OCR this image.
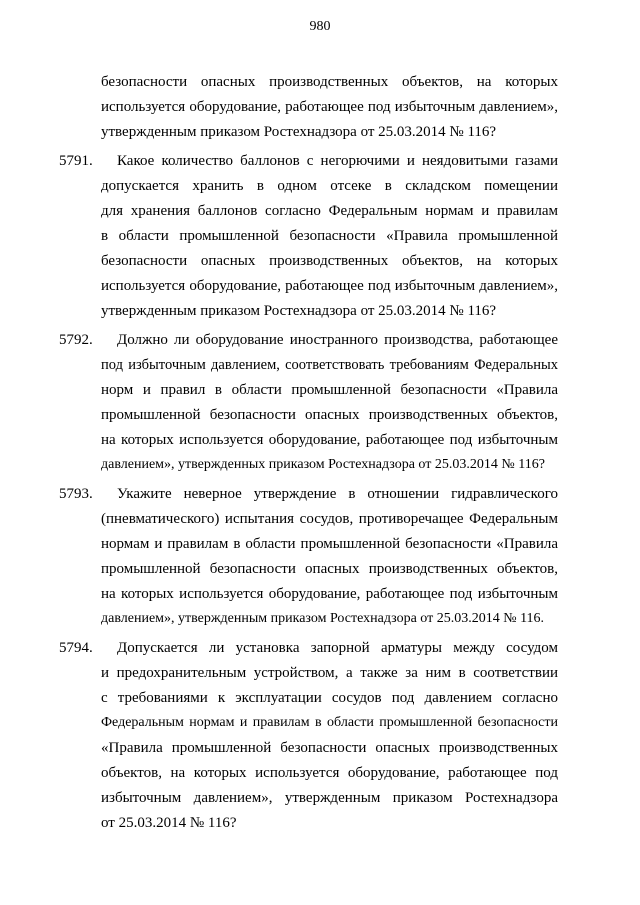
980
безопасности опасных производственных объектов, на которых
используется оборудование, работающее под избыточным давлением»,
утвержденным приказом Ростехнадзора от 25.03.2014 № 116?
5791. Какое количество баллонов с негорючими и неядовитыми газами
допускается хранить в одном отсеке в складском помещении
для хранения баллонов согласно Федеральным нормам и правилам
в области промышленной безопасности «Правила промышленной
безопасности опасных производственных объектов, на которых
используется оборудование, работающее под избыточным давлением»,
утвержденным приказом Ростехнадзора от 25.03.2014 № 116?
5792. Должно ли оборудование иностранного производства, работающее
под избыточным давлением, соответствовать требованиям Федеральных
норм и правил в области промышленной безопасности «Правила
промышленной безопасности опасных производственных объектов,
на которых используется оборудование, работающее под избыточным
давлением», утвержденных приказом Ростехнадзора от 25.03.2014 № 116?
5793. Укажите неверное утверждение в отношении гидравлического
(пневматического) испытания сосудов, противоречащее Федеральным
нормам и правилам в области промышленной безопасности «Правила
промышленной безопасности опасных производственных объектов,
на которых используется оборудование, работающее под избыточным
давлением», утвержденным приказом Ростехнадзора от 25.03.2014 № 116.
5794. Допускается ли установка запорной арматуры между сосудом
и предохранительным устройством, а также за ним в соответствии
с требованиями к эксплуатации сосудов под давлением согласно
Федеральным нормам и правилам в области промышленной безопасности
«Правила промышленной безопасности опасных производственных
объектов, на которых используется оборудование, работающее под
избыточным давлением», утвержденным приказом Ростехнадзора
от 25.03.2014 № 116?
